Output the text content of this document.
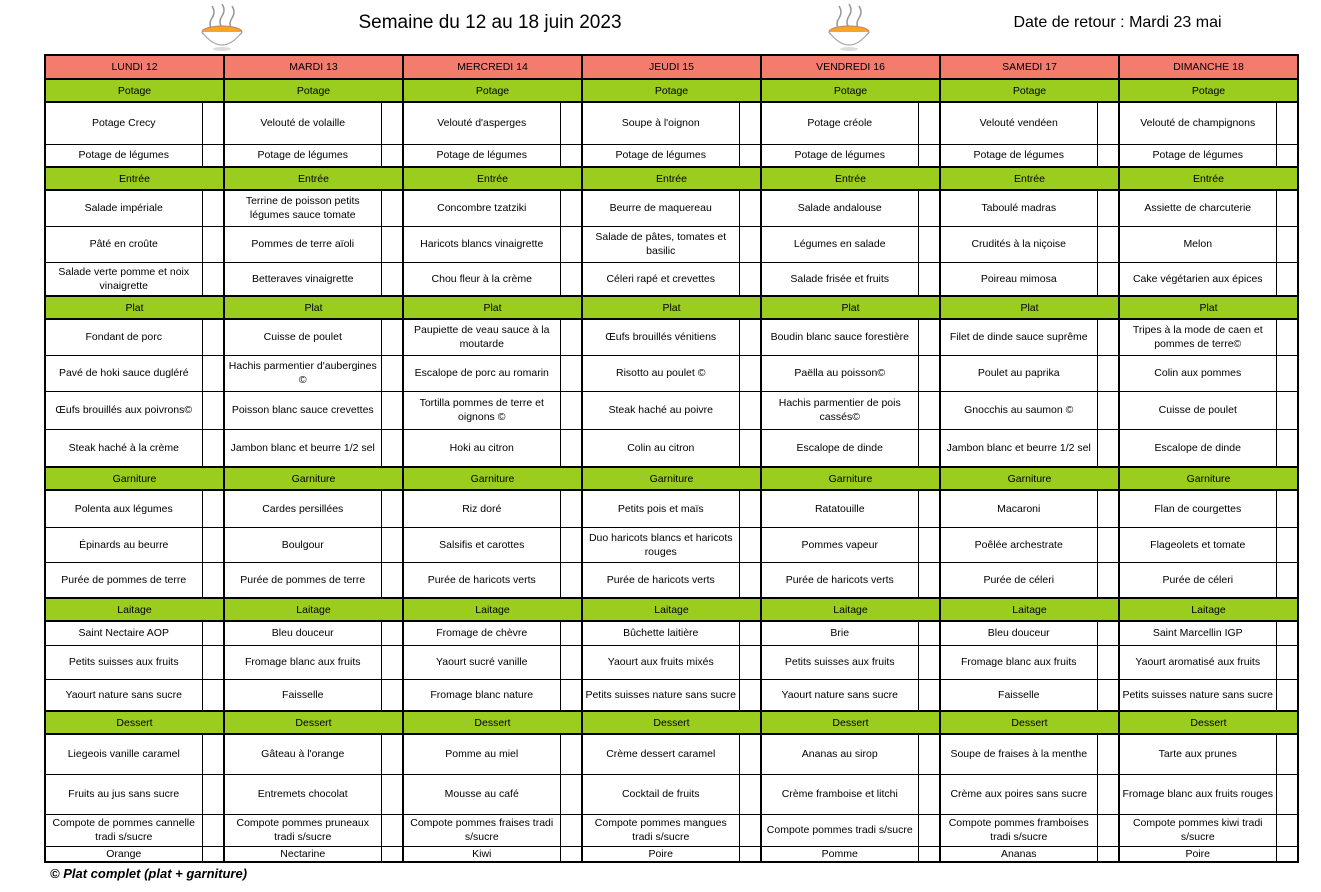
Semaine du 12 au 18 juin 2023	Date de retour : Mardi 23 mai
LUNDI 12		MARDI 13		MERCREDI 14		JEUDI 15		VENDREDI 16		SAMEDI 17		DIMANCHE 18	
Potage		Potage		Potage		Potage		Potage		Potage		Potage	
Potage Crecy		Velouté de volaille		Velouté d'asperges		Soupe à l'oignon		Potage créole		Velouté vendéen		Velouté de champignons	
Potage de légumes		Potage de légumes		Potage de légumes		Potage de légumes		Potage de légumes		Potage de légumes		Potage de légumes	
Entrée		Entrée		Entrée		Entrée		Entrée		Entrée		Entrée	
Salade impériale		Terrine de poisson petits légumes sauce tomate		Concombre tzatziki		Beurre de maquereau		Salade andalouse		Taboulé madras		Assiette de charcuterie	
Pâté en croûte		Pommes de terre aïoli		Haricots blancs vinaigrette		Salade de pâtes, tomates et basilic		Légumes en salade		Crudités à la niçoise		Melon	
Salade verte pomme et noix vinaigrette		Betteraves vinaigrette		Chou fleur à la crème		Céleri rapé et crevettes		Salade frisée et fruits		Poireau mimosa		Cake végétarien aux épices	
Plat		Plat		Plat		Plat		Plat		Plat		Plat	
Fondant de porc		Cuisse de poulet		Paupiette de veau sauce à la moutarde		Œufs brouillés vénitiens		Boudin blanc sauce forestière		Filet de dinde sauce suprême		Tripes à la mode de caen et pommes de terre©	
Pavé de hoki sauce dugléré		Hachis parmentier d'aubergines ©		Escalope de porc au romarin		Risotto au poulet ©		Paëlla au poisson©		Poulet au paprika		Colin aux pommes	
Œufs brouillés aux poivrons©		Poisson blanc sauce crevettes		Tortilla pommes de terre et oignons ©		Steak haché au poivre		Hachis parmentier de pois cassés©		Gnocchis au saumon ©		Cuisse de poulet	
Steak haché à la crème		Jambon blanc et beurre 1/2 sel		Hoki au citron		Colin au citron		Escalope de dinde		Jambon blanc et beurre 1/2 sel		Escalope de dinde	
Garniture		Garniture		Garniture		Garniture		Garniture		Garniture		Garniture	
Polenta aux légumes		Cardes persillées		Riz doré		Petits pois et maïs		Ratatouille		Macaroni		Flan de courgettes	
Épinards au beurre		Boulgour		Salsifis et carottes		Duo haricots blancs et haricots rouges		Pommes vapeur		Poêlée archestrate		Flageolets et tomate	
Purée de pommes de terre		Purée de pommes de terre		Purée de haricots verts		Purée de haricots verts		Purée de haricots verts		Purée de céleri		Purée de céleri	
Laitage		Laitage		Laitage		Laitage		Laitage		Laitage		Laitage	
Saint Nectaire AOP		Bleu douceur		Fromage de chèvre		Bûchette laitière		Brie		Bleu douceur		Saint Marcellin IGP	
Petits suisses aux fruits		Fromage blanc aux fruits		Yaourt sucré vanille		Yaourt aux fruits mixés		Petits suisses aux fruits		Fromage blanc aux fruits		Yaourt aromatisé aux fruits	
Yaourt nature sans sucre		Faisselle		Fromage blanc nature		Petits suisses nature sans sucre		Yaourt nature sans sucre		Faisselle		Petits suisses nature sans sucre	
Dessert		Dessert		Dessert		Dessert		Dessert		Dessert		Dessert	
Liegeois vanille caramel		Gâteau à l'orange		Pomme au miel		Crème dessert caramel		Ananas au sirop		Soupe de fraises à la menthe		Tarte aux prunes	
Fruits au jus sans sucre		Entremets chocolat		Mousse au café		Cocktail de fruits		Crème framboise et litchi		Crème aux poires sans sucre		Fromage blanc aux fruits rouges	
Compote de pommes cannelle tradi s/sucre		Compote pommes pruneaux tradi s/sucre		Compote pommes fraises tradi s/sucre		Compote pommes mangues tradi s/sucre		Compote pommes tradi s/sucre		Compote pommes framboises tradi s/sucre		Compote pommes kiwi tradi s/sucre	
Orange		Nectarine		Kiwi		Poire		Pomme		Ananas		Poire	
© Plat complet (plat + garniture)
